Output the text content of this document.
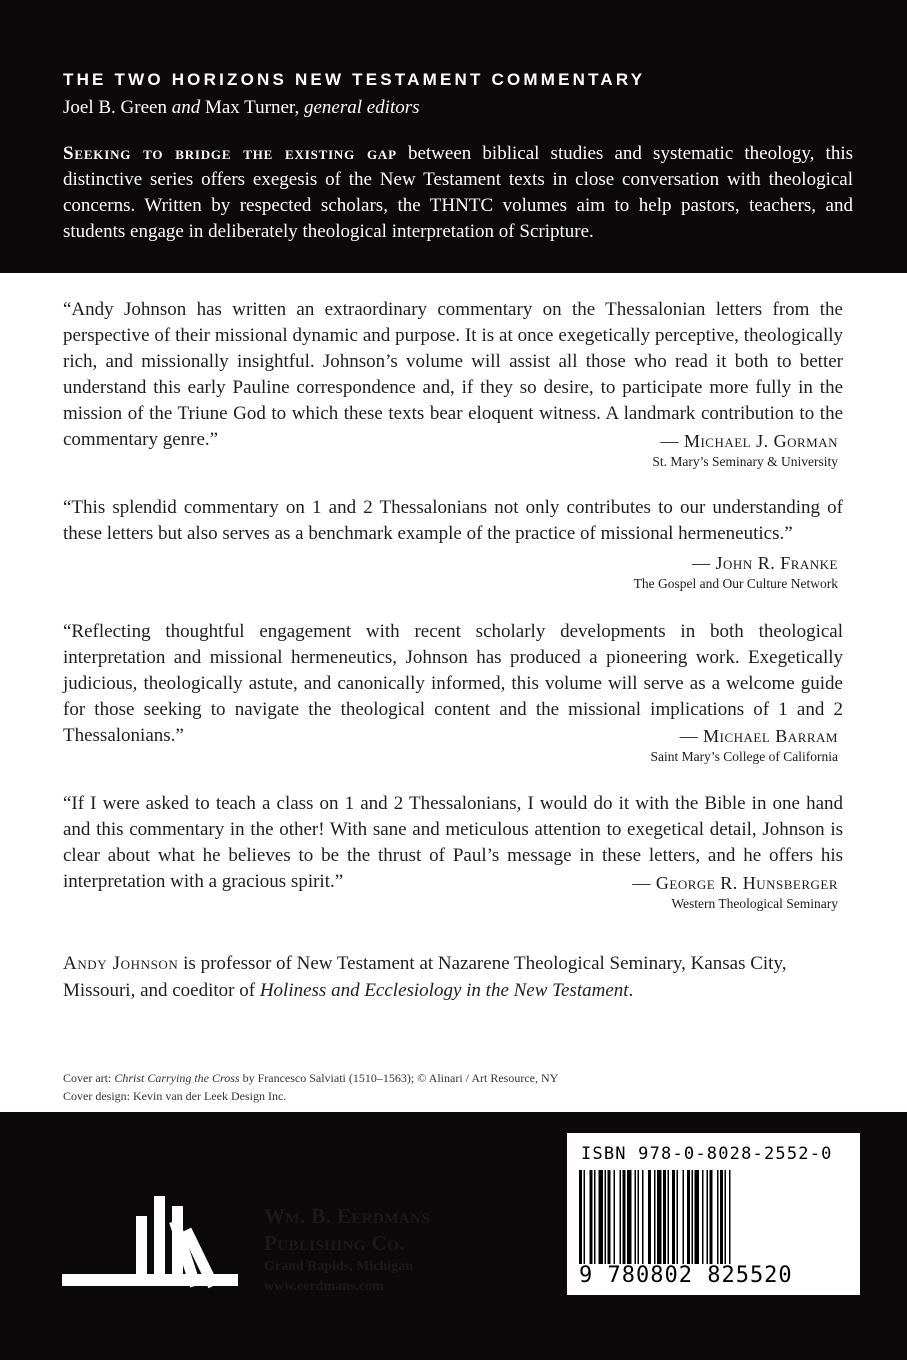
THE TWO HORIZONS NEW TESTAMENT COMMENTARY
Joel B. Green and Max Turner, general editors
Seeking to bridge the existing gap between biblical studies and systematic theology, this distinctive series offers exegesis of the New Testament texts in close conversation with theological concerns. Written by respected scholars, the THNTC volumes aim to help pastors, teachers, and students engage in deliberately theological interpretation of Scripture.

“Andy Johnson has written an extraordinary commentary on the Thessalonian letters from the perspective of their missional dynamic and purpose. It is at once exegetically perceptive, theologically rich, and missionally insightful. Johnson’s volume will assist all those who read it both to better understand this early Pauline correspondence and, if they so desire, to participate more fully in the mission of the Triune God to which these texts bear eloquent witness. A landmark contribution to the commentary genre.”	— Michael J. Gorman
St. Mary’s Seminary & University

“This splendid commentary on 1 and 2 Thessalonians not only contributes to our understanding of these letters but also serves as a benchmark example of the practice of missional hermeneutics.”

— John R. Franke
The Gospel and Our Culture Network

“Reflecting thoughtful engagement with recent scholarly developments in both theological interpretation and missional hermeneutics, Johnson has produced a pioneering work. Exegetically judicious, theologically astute, and canonically informed, this volume will serve as a welcome guide for those seeking to navigate the theological content and the missional implications of 1 and 2 Thessalonians.”	— Michael Barram
Saint Mary’s College of California

“If I were asked to teach a class on 1 and 2 Thessalonians, I would do it with the Bible in one hand and this commentary in the other! With sane and meticulous attention to exegetical detail, Johnson is clear about what he believes to be the thrust of Paul’s message in these letters, and he offers his interpretation with a gracious spirit.”	— George R. Hunsberger
Western Theological Seminary
Andy Johnson is professor of New Testament at Nazarene Theological Seminary, Kansas City, Missouri, and coeditor of Holiness and Ecclesiology in the New Testament.
Cover art: Christ Carrying the Cross by Francesco Salviati (1510–1563); © Alinari / Art Resource, NY
Cover design: Kevin van der Leek Design Inc.
Wm. B. Eerdmans
Publishing Co.
Grand Rapids, Michigan
www.eerdmans.com
ISBN 978-0-8028-2552-0
9 780802 825520
